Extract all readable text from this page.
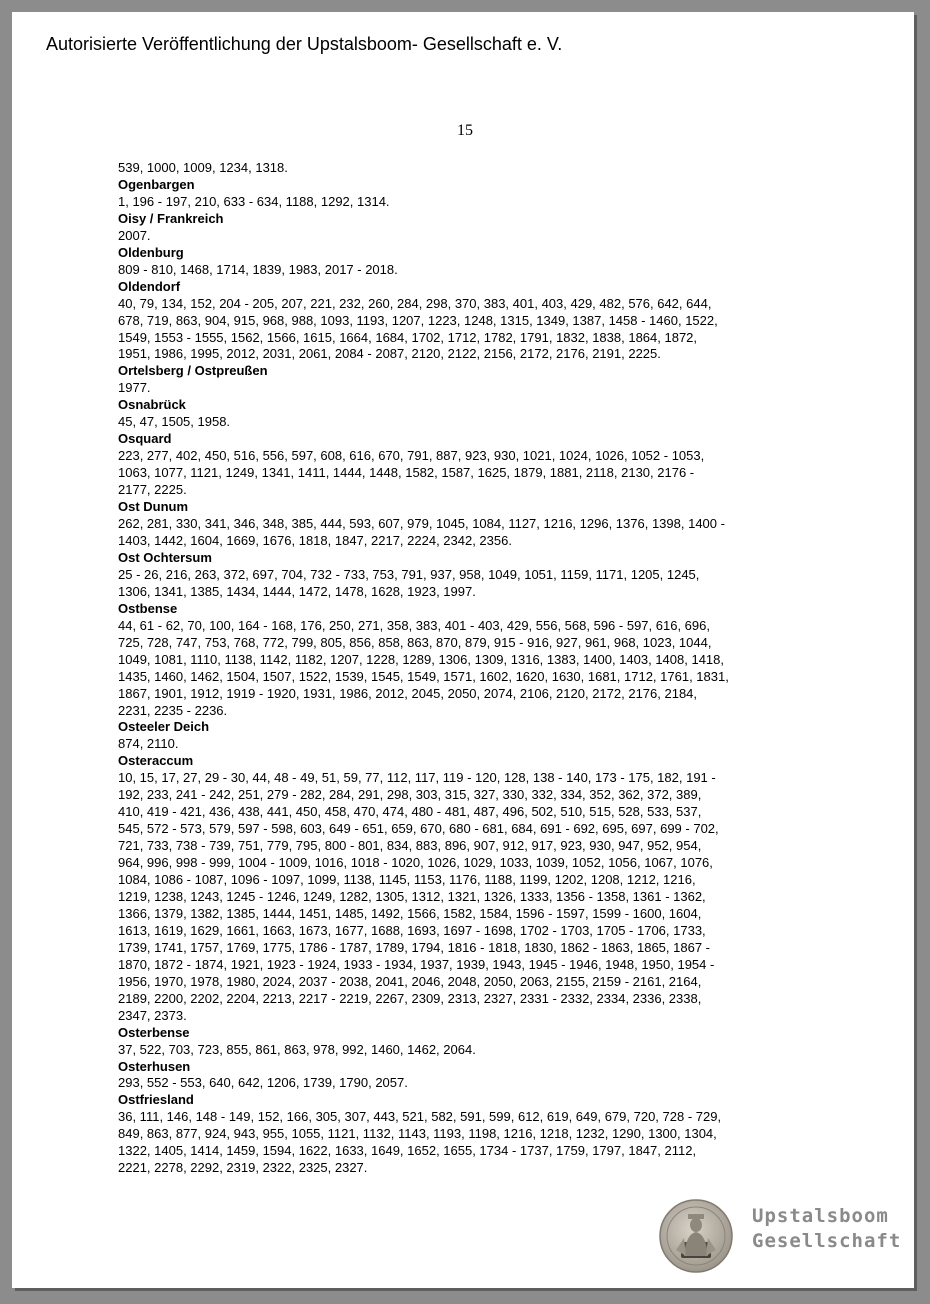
Autorisierte Veröffentlichung der Upstalsboom- Gesellschaft e. V.
15
539, 1000, 1009, 1234, 1318.
Ogenbargen
1, 196 - 197, 210, 633 - 634, 1188, 1292, 1314.
Oisy / Frankreich
2007.
Oldenburg
809 - 810, 1468, 1714, 1839, 1983, 2017 - 2018.
Oldendorf
40, 79, 134, 152, 204 - 205, 207, 221, 232, 260, 284, 298, 370, 383, 401, 403, 429, 482, 576, 642, 644,
678, 719, 863, 904, 915, 968, 988, 1093, 1193, 1207, 1223, 1248, 1315, 1349, 1387, 1458 - 1460, 1522,
1549, 1553 - 1555, 1562, 1566, 1615, 1664, 1684, 1702, 1712, 1782, 1791, 1832, 1838, 1864, 1872,
1951, 1986, 1995, 2012, 2031, 2061, 2084 - 2087, 2120, 2122, 2156, 2172, 2176, 2191, 2225.
Ortelsberg / Ostpreußen
1977.
Osnabrück
45, 47, 1505, 1958.
Osquard
223, 277, 402, 450, 516, 556, 597, 608, 616, 670, 791, 887, 923, 930, 1021, 1024, 1026, 1052 - 1053,
1063, 1077, 1121, 1249, 1341, 1411, 1444, 1448, 1582, 1587, 1625, 1879, 1881, 2118, 2130, 2176 -
2177, 2225.
Ost Dunum
262, 281, 330, 341, 346, 348, 385, 444, 593, 607, 979, 1045, 1084, 1127, 1216, 1296, 1376, 1398, 1400 -
1403, 1442, 1604, 1669, 1676, 1818, 1847, 2217, 2224, 2342, 2356.
Ost Ochtersum
25 - 26, 216, 263, 372, 697, 704, 732 - 733, 753, 791, 937, 958, 1049, 1051, 1159, 1171, 1205, 1245,
1306, 1341, 1385, 1434, 1444, 1472, 1478, 1628, 1923, 1997.
Ostbense
44, 61 - 62, 70, 100, 164 - 168, 176, 250, 271, 358, 383, 401 - 403, 429, 556, 568, 596 - 597, 616, 696,
725, 728, 747, 753, 768, 772, 799, 805, 856, 858, 863, 870, 879, 915 - 916, 927, 961, 968, 1023, 1044,
1049, 1081, 1110, 1138, 1142, 1182, 1207, 1228, 1289, 1306, 1309, 1316, 1383, 1400, 1403, 1408, 1418,
1435, 1460, 1462, 1504, 1507, 1522, 1539, 1545, 1549, 1571, 1602, 1620, 1630, 1681, 1712, 1761, 1831,
1867, 1901, 1912, 1919 - 1920, 1931, 1986, 2012, 2045, 2050, 2074, 2106, 2120, 2172, 2176, 2184,
2231, 2235 - 2236.
Osteeler Deich
874, 2110.
Osteraccum
10, 15, 17, 27, 29 - 30, 44, 48 - 49, 51, 59, 77, 112, 117, 119 - 120, 128, 138 - 140, 173 - 175, 182, 191 -
192, 233, 241 - 242, 251, 279 - 282, 284, 291, 298, 303, 315, 327, 330, 332, 334, 352, 362, 372, 389,
410, 419 - 421, 436, 438, 441, 450, 458, 470, 474, 480 - 481, 487, 496, 502, 510, 515, 528, 533, 537,
545, 572 - 573, 579, 597 - 598, 603, 649 - 651, 659, 670, 680 - 681, 684, 691 - 692, 695, 697, 699 - 702,
721, 733, 738 - 739, 751, 779, 795, 800 - 801, 834, 883, 896, 907, 912, 917, 923, 930, 947, 952, 954,
964, 996, 998 - 999, 1004 - 1009, 1016, 1018 - 1020, 1026, 1029, 1033, 1039, 1052, 1056, 1067, 1076,
1084, 1086 - 1087, 1096 - 1097, 1099, 1138, 1145, 1153, 1176, 1188, 1199, 1202, 1208, 1212, 1216,
1219, 1238, 1243, 1245 - 1246, 1249, 1282, 1305, 1312, 1321, 1326, 1333, 1356 - 1358, 1361 - 1362,
1366, 1379, 1382, 1385, 1444, 1451, 1485, 1492, 1566, 1582, 1584, 1596 - 1597, 1599 - 1600, 1604,
1613, 1619, 1629, 1661, 1663, 1673, 1677, 1688, 1693, 1697 - 1698, 1702 - 1703, 1705 - 1706, 1733,
1739, 1741, 1757, 1769, 1775, 1786 - 1787, 1789, 1794, 1816 - 1818, 1830, 1862 - 1863, 1865, 1867 -
1870, 1872 - 1874, 1921, 1923 - 1924, 1933 - 1934, 1937, 1939, 1943, 1945 - 1946, 1948, 1950, 1954 -
1956, 1970, 1978, 1980, 2024, 2037 - 2038, 2041, 2046, 2048, 2050, 2063, 2155, 2159 - 2161, 2164,
2189, 2200, 2202, 2204, 2213, 2217 - 2219, 2267, 2309, 2313, 2327, 2331 - 2332, 2334, 2336, 2338,
2347, 2373.
Osterbense
37, 522, 703, 723, 855, 861, 863, 978, 992, 1460, 1462, 2064.
Osterhusen
293, 552 - 553, 640, 642, 1206, 1739, 1790, 2057.
Ostfriesland
36, 111, 146, 148 - 149, 152, 166, 305, 307, 443, 521, 582, 591, 599, 612, 619, 649, 679, 720, 728 - 729,
849, 863, 877, 924, 943, 955, 1055, 1121, 1132, 1143, 1193, 1198, 1216, 1218, 1232, 1290, 1300, 1304,
1322, 1405, 1414, 1459, 1594, 1622, 1633, 1649, 1652, 1655, 1734 - 1737, 1759, 1797, 1847, 2112,
2221, 2278, 2292, 2319, 2322, 2325, 2327.
Upstalsboom
Gesellschaft
